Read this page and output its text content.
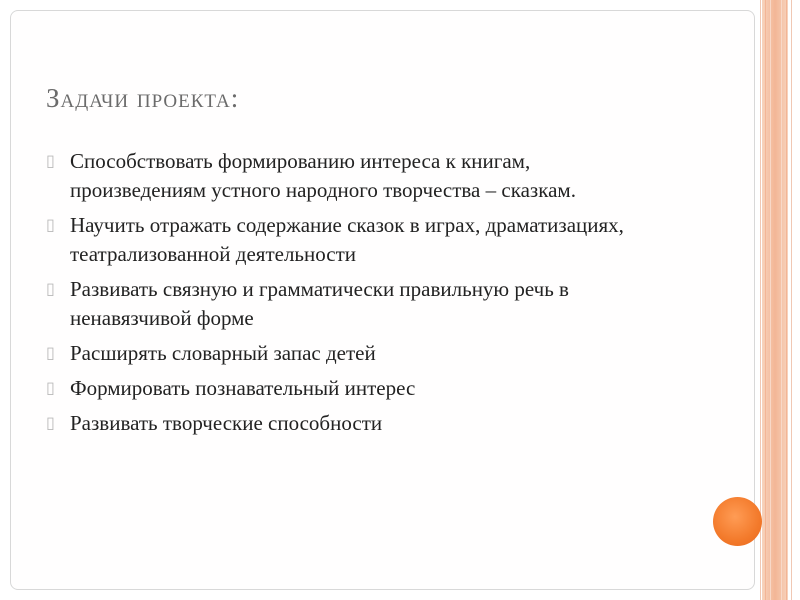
Задачи проекта:
▯ Способствовать формированию интереса к книгам, произведениям устного народного творчества – сказкам.
▯ Научить отражать содержание сказок в играх, драматизациях, театрализованной деятельности
▯ Развивать связную и грамматически правильную речь в ненавязчивой форме
▯ Расширять словарный запас детей
▯ Формировать познавательный интерес
▯ Развивать творческие способности
